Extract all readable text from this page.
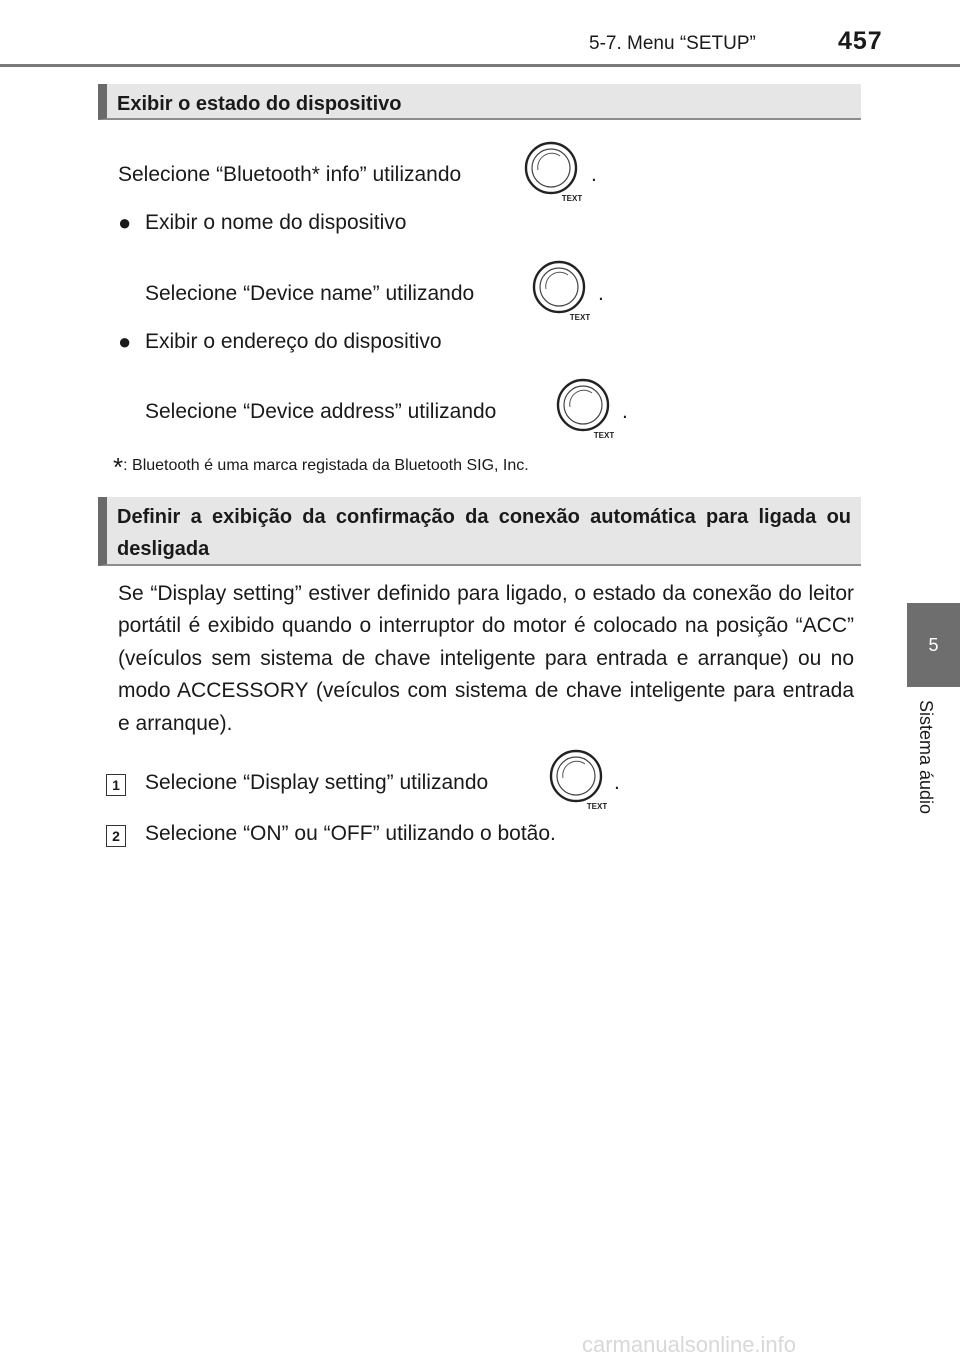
5-7. Menu “SETUP”	457
5
Sistema áudio
Exibir o estado do dispositivo
Selecione “Bluetooth* info” utilizando
TEXT
.
● Exibir o nome do dispositivo
Selecione “Device name” utilizando
TEXT
.
● Exibir o endereço do dispositivo
Selecione “Device address” utilizando
TEXT
.
*: Bluetooth é uma marca registada da Bluetooth SIG, Inc.
Definir a exibição da confirmação da conexão automática para ligada ou desligada
Se “Display setting” estiver definido para ligado, o estado da conexão do leitor portátil é exibido quando o interruptor do motor é colocado na posição “ACC” (veículos sem sistema de chave inteligente para entrada e arranque) ou no modo ACCESSORY (veículos com sistema de chave inteligente para entrada e arranque).
1 Selecione “Display setting” utilizando
TEXT
.
2 Selecione “ON” ou “OFF” utilizando o botão.
carmanualsonline.info
